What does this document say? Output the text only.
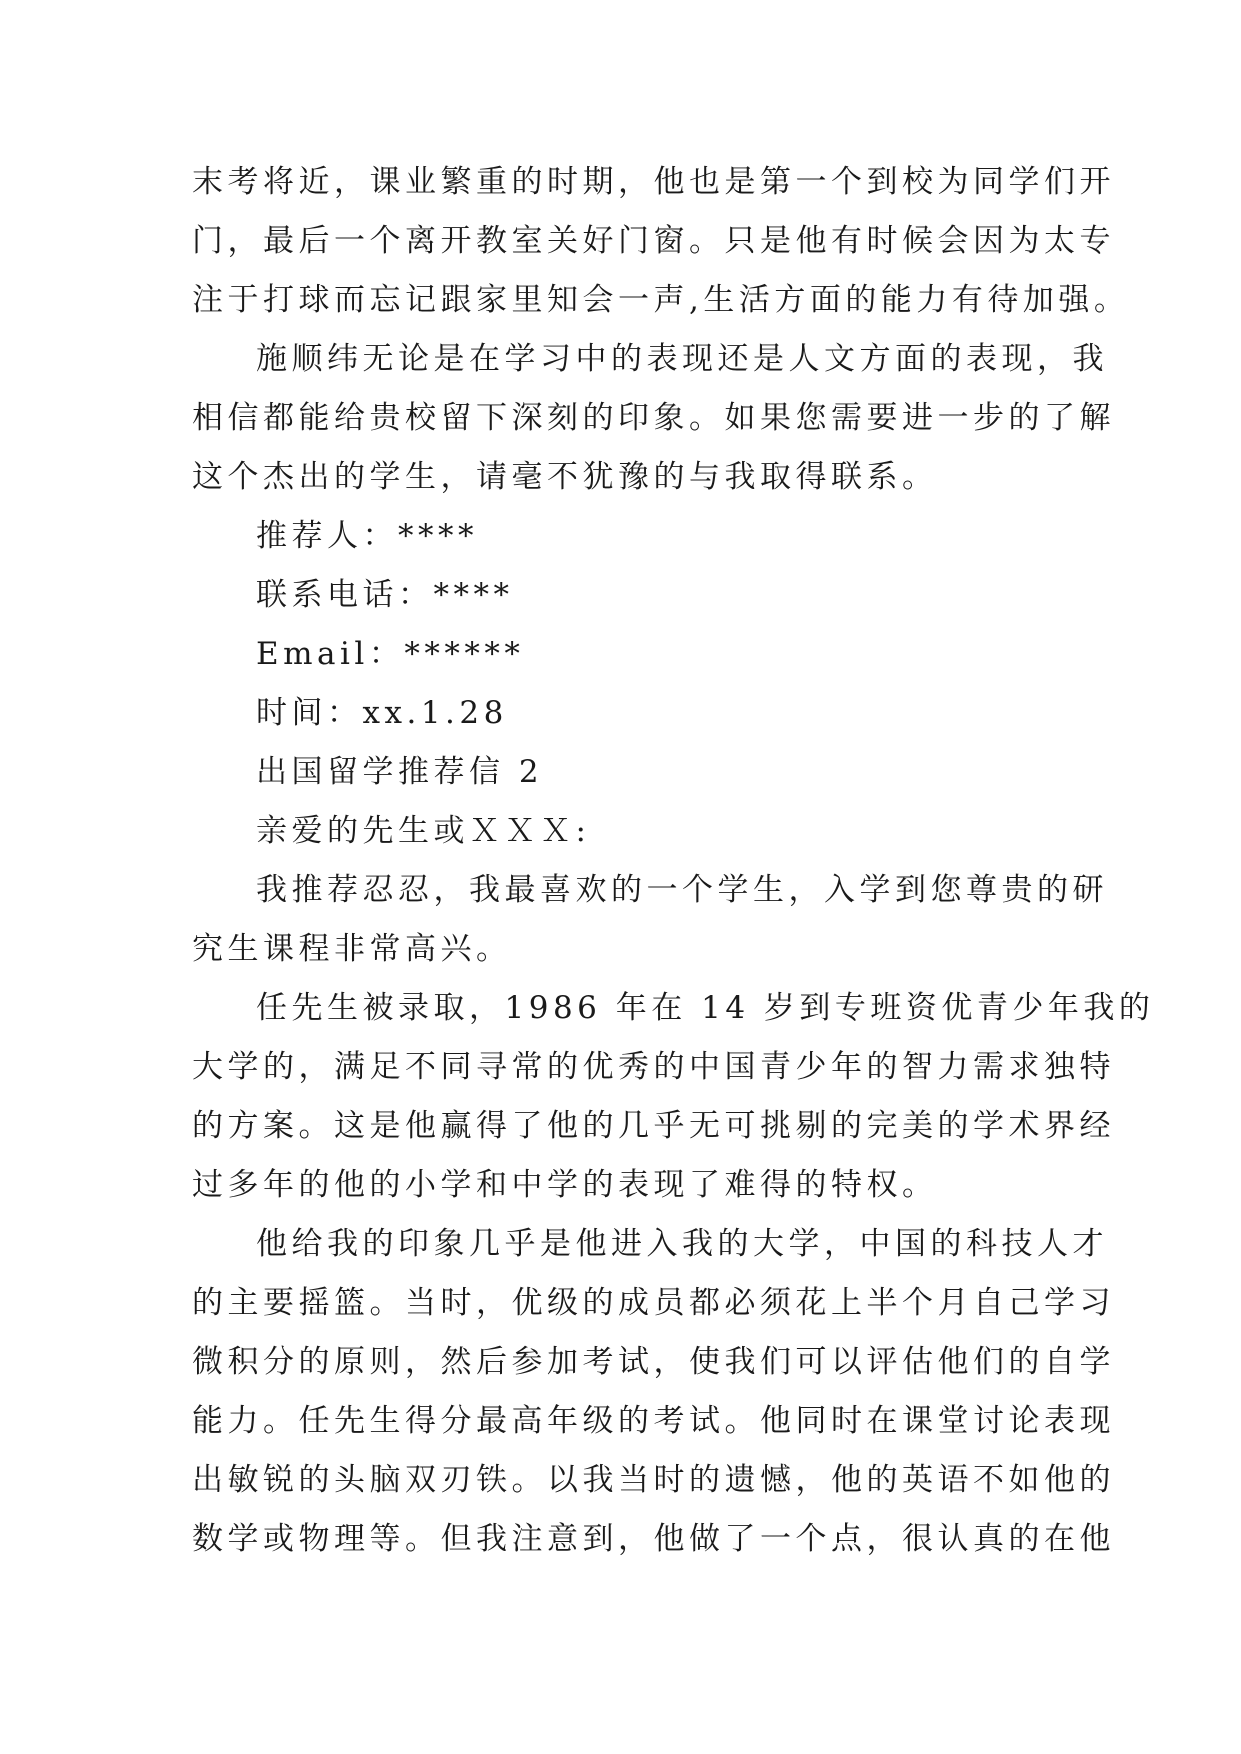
末考将近，课业繁重的时期，他也是第一个到校为同学们开

门，最后一个离开教室关好门窗。只是他有时候会因为太专

注于打球而忘记跟家里知会一声,生活方面的能力有待加强。

施顺纬无论是在学习中的表现还是人文方面的表现，我

相信都能给贵校留下深刻的印象。如果您需要进一步的了解

这个杰出的学生，请毫不犹豫的与我取得联系。

推荐人：****

联系电话：****

Email：******

时间：xx.1.28

出国留学推荐信 2

亲爱的先生或ＸＸＸ:

我推荐忍忍，我最喜欢的一个学生，入学到您尊贵的研

究生课程非常高兴。

任先生被录取，1986 年在 14 岁到专班资优青少年我的

大学的，满足不同寻常的优秀的中国青少年的智力需求独特

的方案。这是他赢得了他的几乎无可挑剔的完美的学术界经

过多年的他的小学和中学的表现了难得的特权。

他给我的印象几乎是他进入我的大学，中国的科技人才

的主要摇篮。当时，优级的成员都必须花上半个月自己学习

微积分的原则，然后参加考试，使我们可以评估他们的自学

能力。任先生得分最高年级的考试。他同时在课堂讨论表现

出敏锐的头脑双刃铁。以我当时的遗憾，他的英语不如他的

数学或物理等。但我注意到，他做了一个点，很认真的在他
